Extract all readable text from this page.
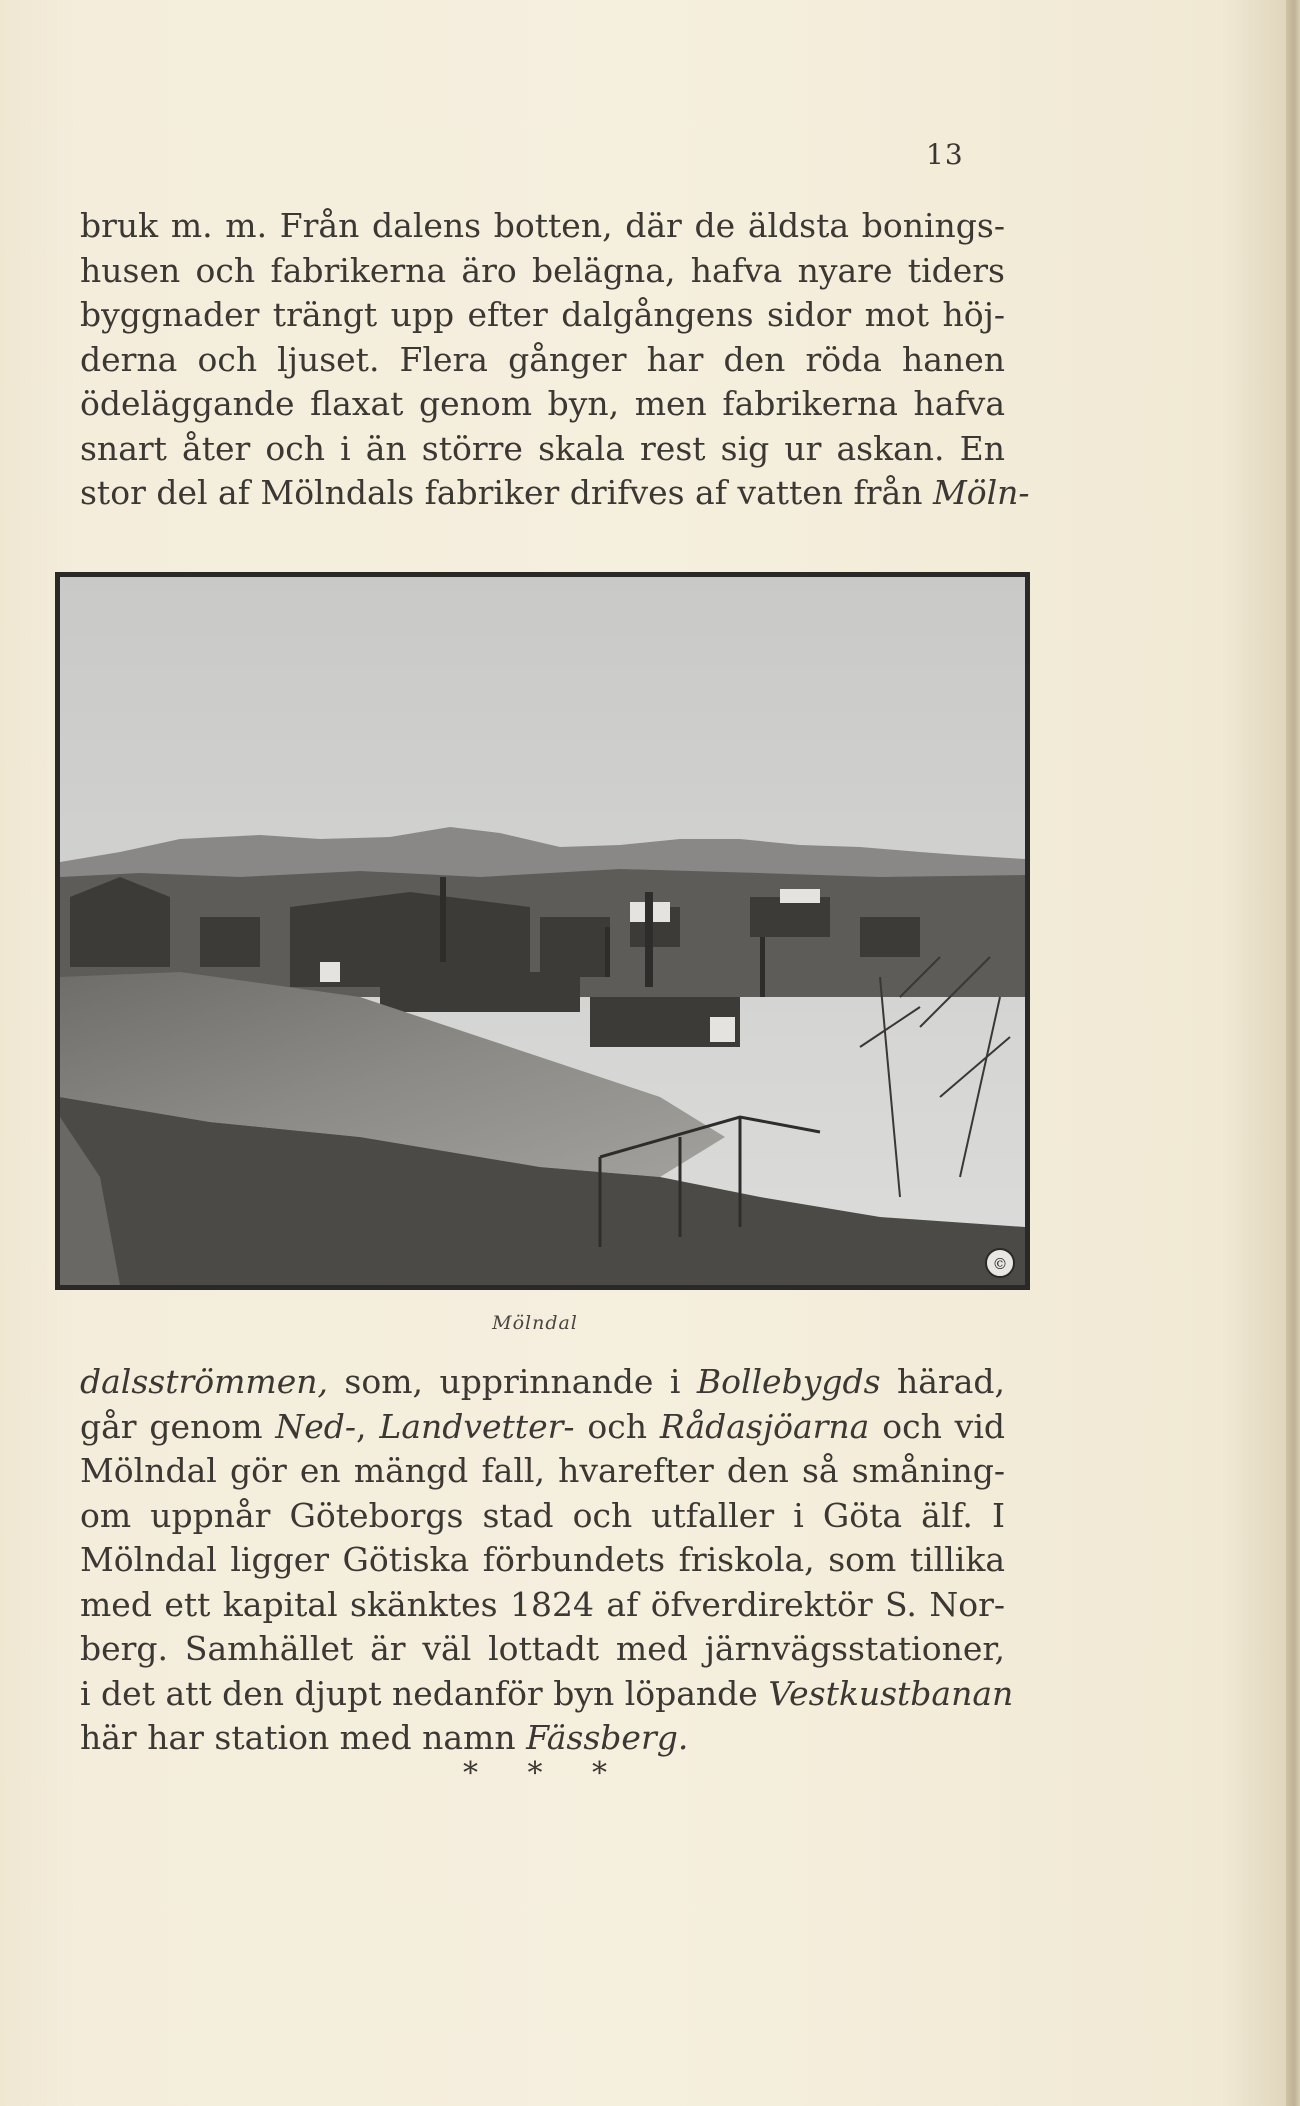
13
bruk m. m. Från dalens botten, där de äldsta bonings-
husen och fabrikerna äro belägna, hafva nyare tiders
byggnader trängt upp efter dalgångens sidor mot höj-
derna och ljuset. Flera gånger har den röda hanen
ödeläggande flaxat genom byn, men fabrikerna hafva
snart åter och i än större skala rest sig ur askan. En
stor del af Mölndals fabriker drifves af vatten från Möln-
©
Mölndal
dalsströmmen, som, upprinnande i Bollebygds härad,
går genom Ned-, Landvetter- och Rådasjöarna och vid
Mölndal gör en mängd fall, hvarefter den så småning-
om uppnår Göteborgs stad och utfaller i Göta älf. I
Mölndal ligger Götiska förbundets friskola, som tillika
med ett kapital skänktes 1824 af öfverdirektör S. Nor-
berg. Samhället är väl lottadt med järnvägsstationer,
i det att den djupt nedanför byn löpande Vestkustbanan
här har station med namn Fässberg.
* * *
